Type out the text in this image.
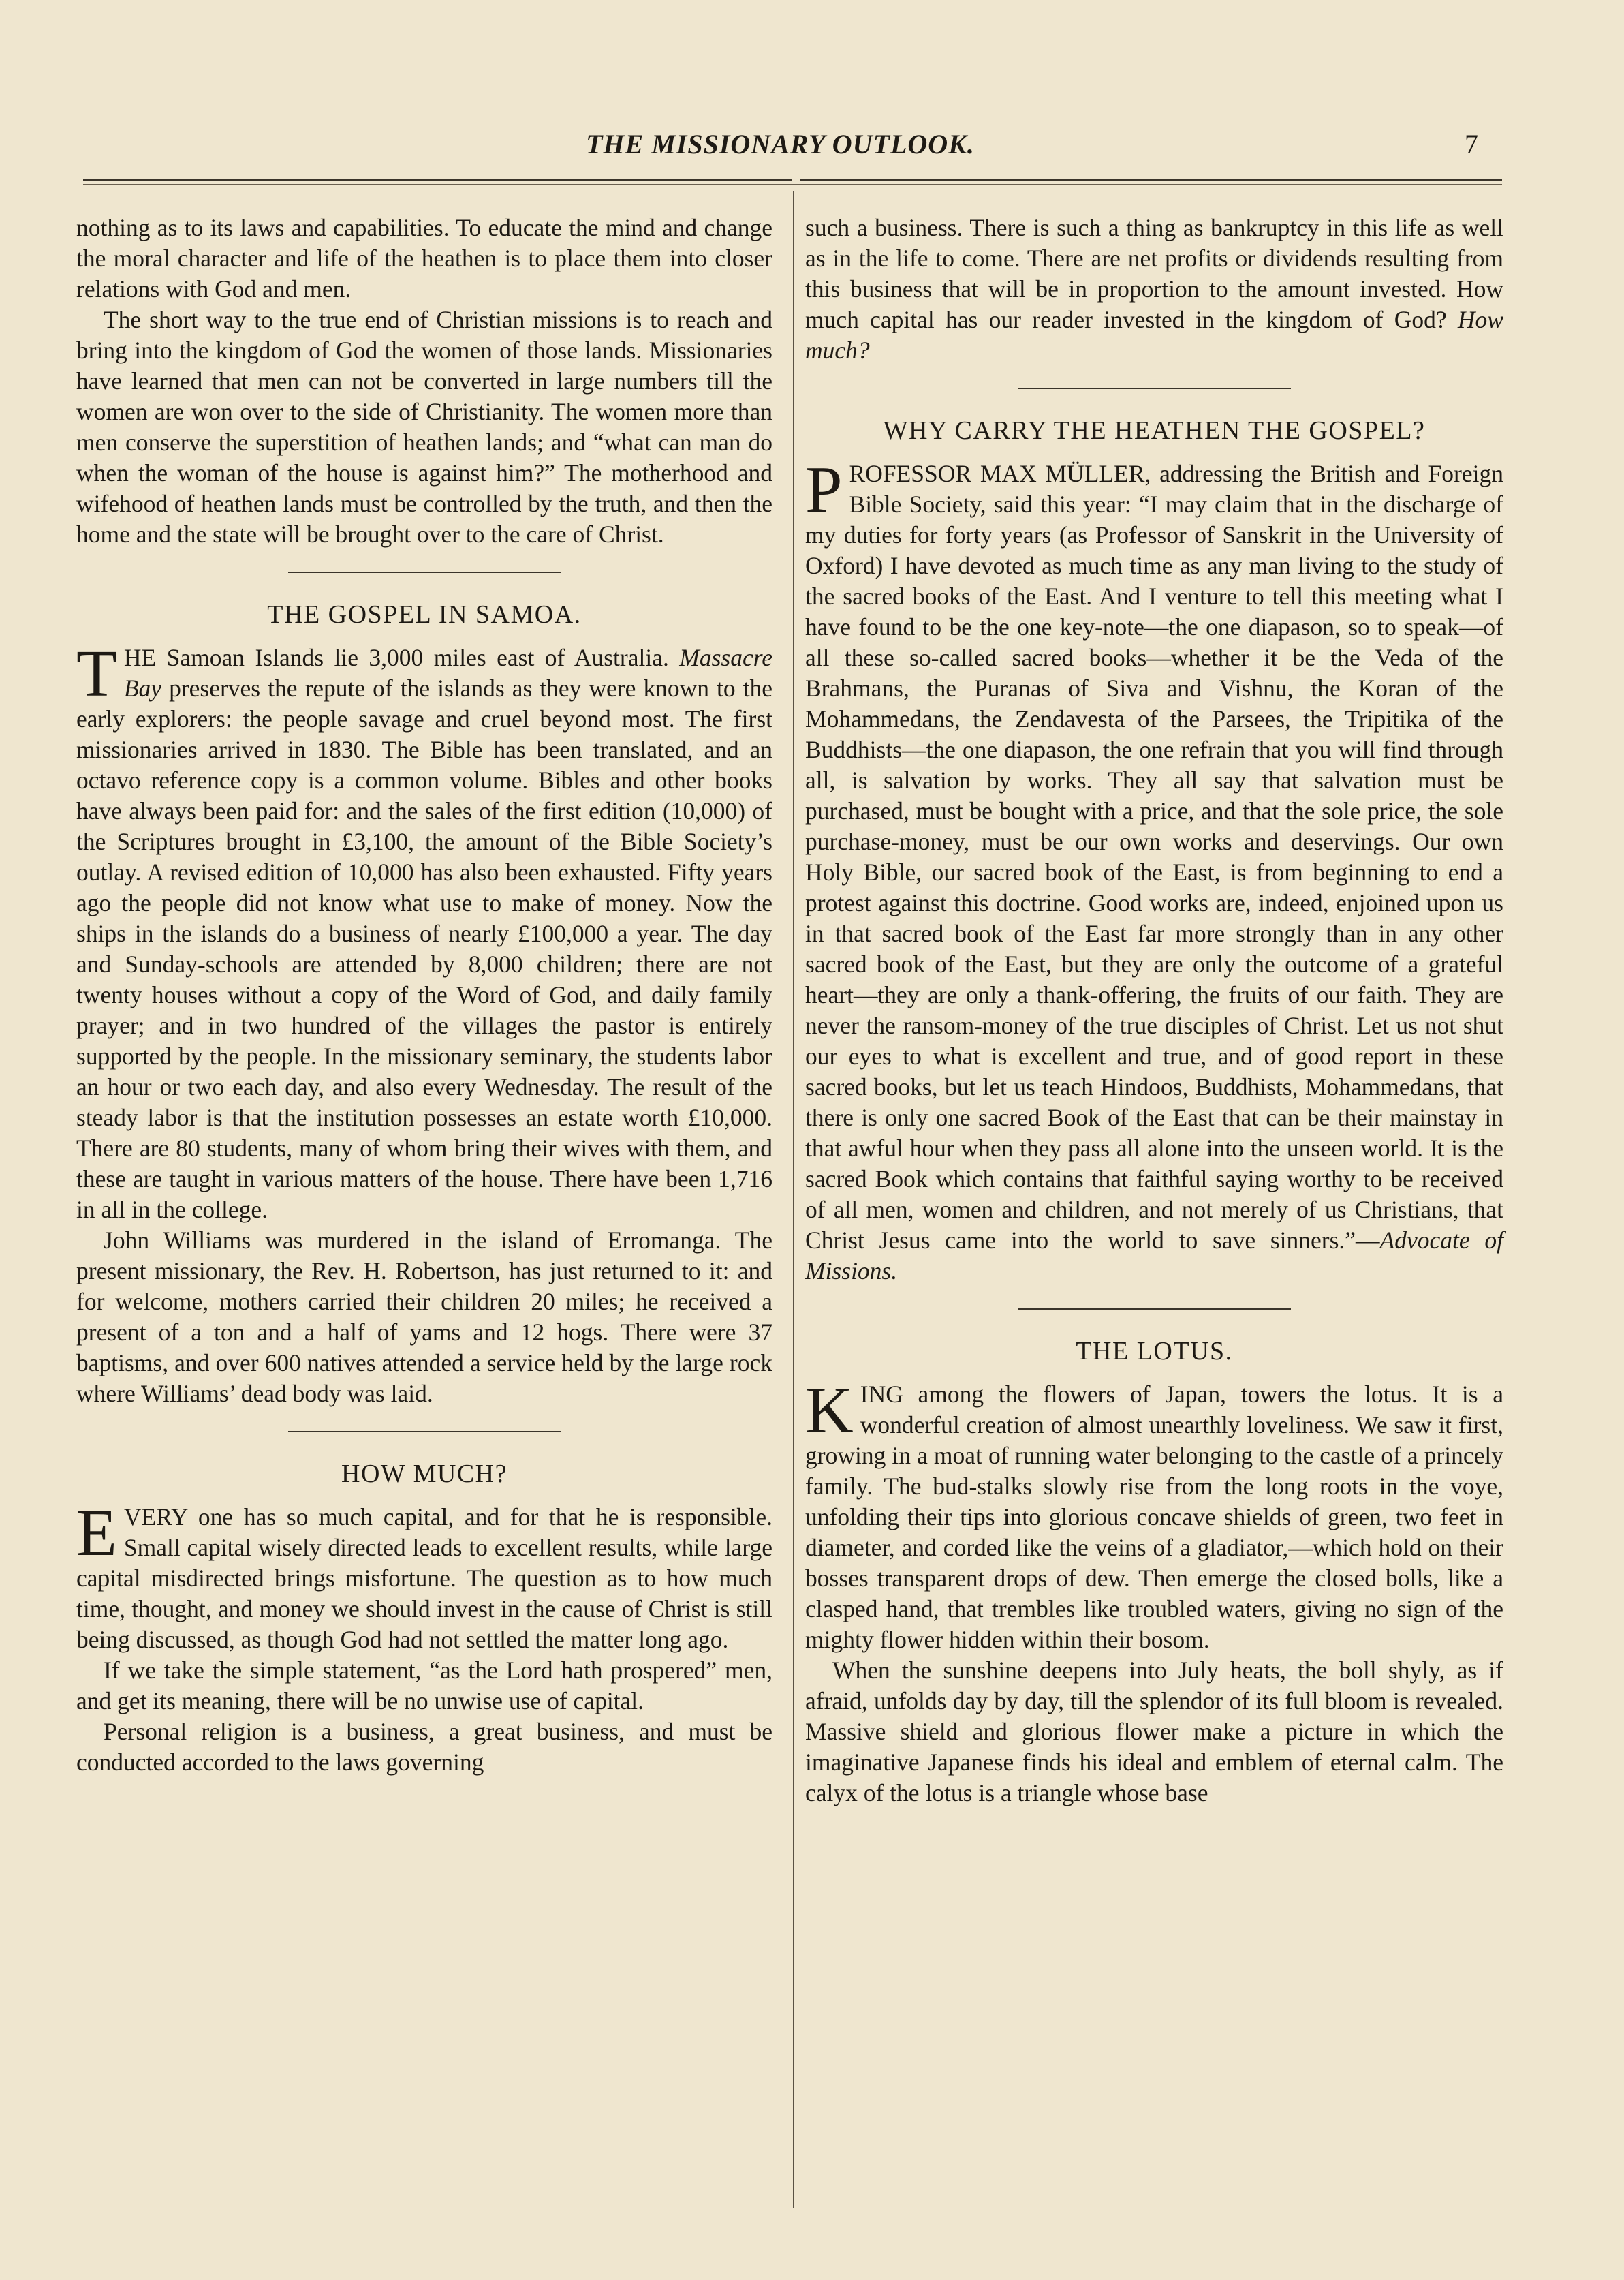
THE MISSIONARY OUTLOOK.	7

nothing as to its laws and capabilities. To educate the mind and change the moral character and life of the heathen is to place them into closer relations with God and men.

The short way to the true end of Christian missions is to reach and bring into the kingdom of God the women of those lands. Missionaries have learned that men can not be converted in large numbers till the women are won over to the side of Christianity. The women more than men conserve the superstition of heathen lands; and “what can man do when the woman of the house is against him?” The motherhood and wifehood of heathen lands must be controlled by the truth, and then the home and the state will be brought over to the care of Christ.

THE GOSPEL IN SAMOA.

THE Samoan Islands lie 3,000 miles east of Australia. Massacre Bay preserves the repute of the islands as they were known to the early explorers: the people savage and cruel beyond most. The first missionaries arrived in 1830. The Bible has been translated, and an octavo reference copy is a common volume. Bibles and other books have always been paid for: and the sales of the first edition (10,000) of the Scriptures brought in £3,100, the amount of the Bible Society’s outlay. A revised edition of 10,000 has also been exhausted. Fifty years ago the people did not know what use to make of money. Now the ships in the islands do a business of nearly £100,000 a year. The day and Sunday-schools are attended by 8,000 children; there are not twenty houses without a copy of the Word of God, and daily family prayer; and in two hundred of the villages the pastor is entirely supported by the people. In the missionary seminary, the students labor an hour or two each day, and also every Wednesday. The result of the steady labor is that the institution possesses an estate worth £10,000. There are 80 students, many of whom bring their wives with them, and these are taught in various matters of the house. There have been 1,716 in all in the college.

John Williams was murdered in the island of Erromanga. The present missionary, the Rev. H. Robertson, has just returned to it: and for welcome, mothers carried their children 20 miles; he received a present of a ton and a half of yams and 12 hogs. There were 37 baptisms, and over 600 natives attended a service held by the large rock where Williams’ dead body was laid.

HOW MUCH?

EVERY one has so much capital, and for that he is responsible. Small capital wisely directed leads to excellent results, while large capital misdirected brings misfortune. The question as to how much time, thought, and money we should invest in the cause of Christ is still being discussed, as though God had not settled the matter long ago.

If we take the simple statement, “as the Lord hath prospered” men, and get its meaning, there will be no unwise use of capital.

Personal religion is a business, a great business, and must be conducted accorded to the laws governing

such a business. There is such a thing as bankruptcy in this life as well as in the life to come. There are net profits or dividends resulting from this business that will be in proportion to the amount invested. How much capital has our reader invested in the kingdom of God? How much?

WHY CARRY THE HEATHEN THE GOSPEL?

PROFESSOR MAX MÜLLER, addressing the British and Foreign Bible Society, said this year: “I may claim that in the discharge of my duties for forty years (as Professor of Sanskrit in the University of Oxford) I have devoted as much time as any man living to the study of the sacred books of the East. And I venture to tell this meeting what I have found to be the one key-note—the one diapason, so to speak—of all these so-called sacred books—whether it be the Veda of the Brahmans, the Puranas of Siva and Vishnu, the Koran of the Mohammedans, the Zendavesta of the Parsees, the Tripitika of the Buddhists—the one diapason, the one refrain that you will find through all, is salvation by works. They all say that salvation must be purchased, must be bought with a price, and that the sole price, the sole purchase-money, must be our own works and deservings. Our own Holy Bible, our sacred book of the East, is from beginning to end a protest against this doctrine. Good works are, indeed, enjoined upon us in that sacred book of the East far more strongly than in any other sacred book of the East, but they are only the outcome of a grateful heart—they are only a thank-offering, the fruits of our faith. They are never the ransom-money of the true disciples of Christ. Let us not shut our eyes to what is excellent and true, and of good report in these sacred books, but let us teach Hindoos, Buddhists, Mohammedans, that there is only one sacred Book of the East that can be their mainstay in that awful hour when they pass all alone into the unseen world. It is the sacred Book which contains that faithful saying worthy to be received of all men, women and children, and not merely of us Christians, that Christ Jesus came into the world to save sinners.”—Advocate of Missions.

THE LOTUS.

KING among the flowers of Japan, towers the lotus. It is a wonderful creation of almost unearthly loveliness. We saw it first, growing in a moat of running water belonging to the castle of a princely family. The bud-stalks slowly rise from the long roots in the voye, unfolding their tips into glorious concave shields of green, two feet in diameter, and corded like the veins of a gladiator,—which hold on their bosses transparent drops of dew. Then emerge the closed bolls, like a clasped hand, that trembles like troubled waters, giving no sign of the mighty flower hidden within their bosom.

When the sunshine deepens into July heats, the boll shyly, as if afraid, unfolds day by day, till the splendor of its full bloom is revealed. Massive shield and glorious flower make a picture in which the imaginative Japanese finds his ideal and emblem of eternal calm. The calyx of the lotus is a triangle whose base
